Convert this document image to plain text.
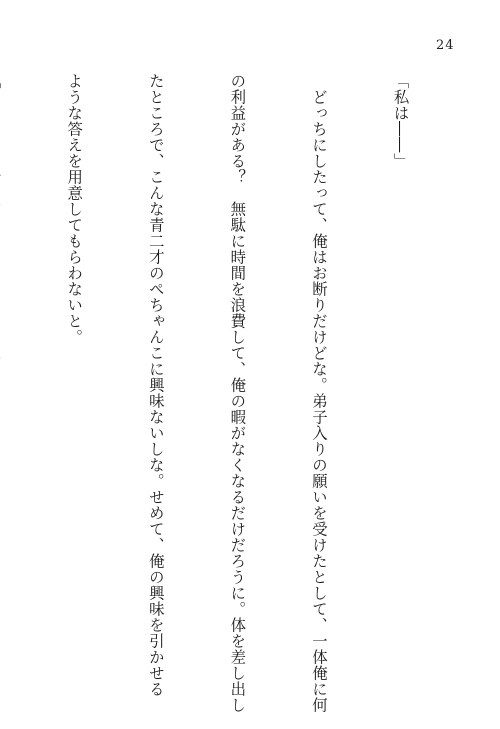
24

「私は――」

　どっちにしたって、俺はお断りだけどな。弟子入りの願いを受けたとして、一体俺に何

の利益がある？　無駄に時間を浪費して、俺の暇がなくなるだけだろうに。体を差し出し

たところで、こんな青二才のぺちゃんこに興味ないしな。せめて、俺の興味を引かせる

ような答えを用意してもらわないと。
